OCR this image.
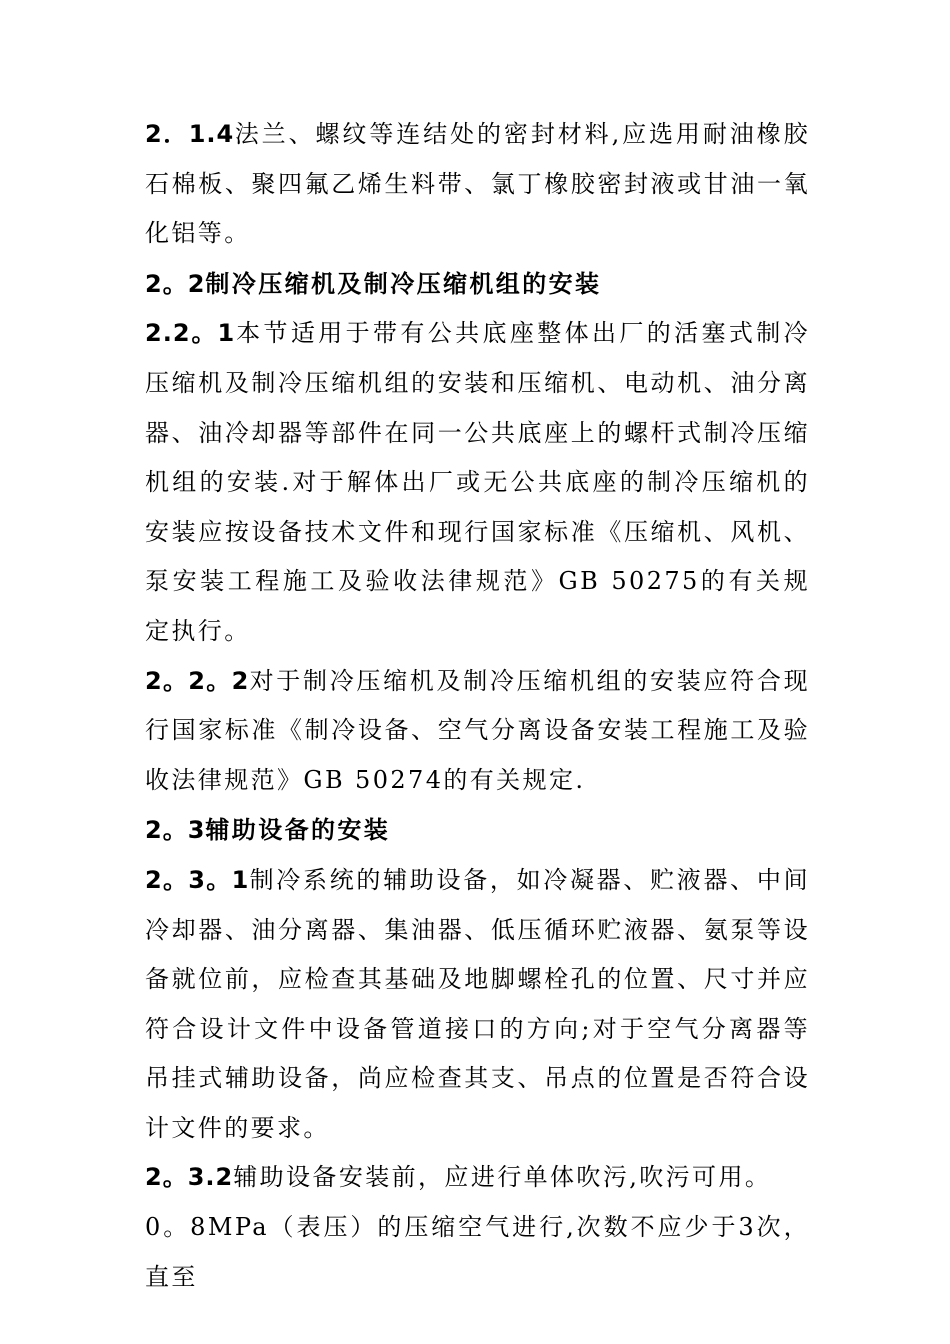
2．1.4法兰、螺纹等连结处的密封材料,应选用耐油橡胶石棉板、聚四氟乙烯生料带、氯丁橡胶密封液或甘油一氧化铝等。

2。2制冷压缩机及制冷压缩机组的安装

2.2。1本节适用于带有公共底座整体出厂的活塞式制冷压缩机及制冷压缩机组的安装和压缩机、电动机、油分离器、油冷却器等部件在同一公共底座上的螺杆式制冷压缩机组的安装.对于解体出厂或无公共底座的制冷压缩机的安装应按设备技术文件和现行国家标准《压缩机、风机、泵安装工程施工及验收法律规范》GB 50275的有关规定执行。

2。2。2对于制冷压缩机及制冷压缩机组的安装应符合现行国家标准《制冷设备、空气分离设备安装工程施工及验收法律规范》GB 50274的有关规定.

2。3辅助设备的安装

2。3。1制冷系统的辅助设备，如冷凝器、贮液器、中间冷却器、油分离器、集油器、低压循环贮液器、氨泵等设备就位前，应检查其基础及地脚螺栓孔的位置、尺寸并应符合设计文件中设备管道接口的方向;对于空气分离器等吊挂式辅助设备，尚应检查其支、吊点的位置是否符合设计文件的要求。

2。3.2辅助设备安装前，应进行单体吹污,吹污可用。

0。8MPa（表压）的压缩空气进行,次数不应少于3次，直至
